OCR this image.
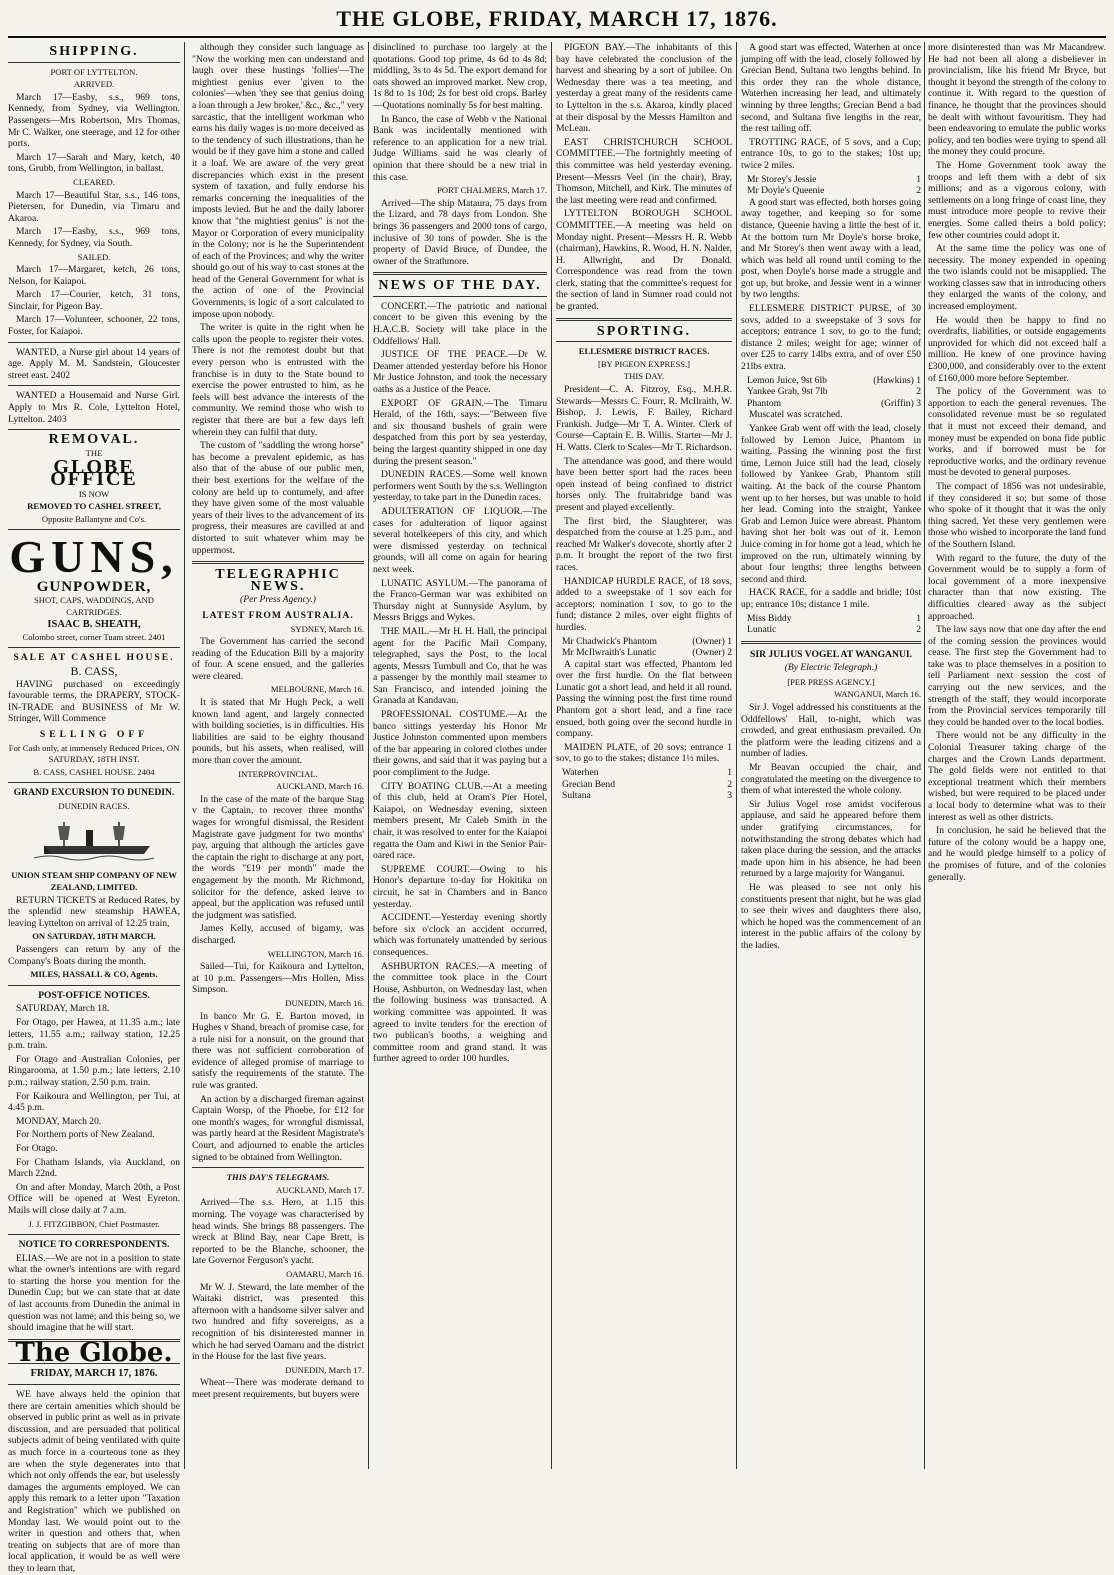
THE GLOBE, FRIDAY, MARCH 17, 1876.
SHIPPING.
PORT OF LYTTELTON.
ARRIVED.

March 17—Easby, s.s., 969 tons, Kennedy, from Sydney, via Wellington. Passengers—Mrs Robertson, Mrs Thomas, Mr C. Walker, one steerage, and 12 for other ports.

March 17—Sarah and Mary, ketch, 40 tons, Grubb, from Wellington, in ballast.

CLEARED.

March 17—Beautiful Star, s.s., 146 tons, Pietersen, for Dunedin, via Timaru and Akaroa.

March 17—Easby, s.s., 969 tons, Kennedy, for Sydney, via South.

SAILED.

March 17—Margaret, ketch, 26 tons, Nelson, for Kaiapoi.

March 17—Courier, ketch, 31 tons, Sinclair, for Pigeon Bay.

March 17—Volunteer, schooner, 22 tons, Foster, for Kaiapoi.

WANTED, a Nurse girl about 14 years of age. Apply M. M. Sandstein, Gloucester street east. 2402

WANTED a Housemaid and Nurse Girl. Apply to Mrs R. Cole, Lyttelton Hotel, Lyttelton. 2403

REMOVAL.
THE
GLOBE OFFICE
IS NOW
REMOVED TO CASHEL STREET,
Opposite Ballantyne and Co's.
GUNS,
GUNPOWDER,
SHOT, CAPS, WADDINGS, AND CARTRIDGES.
ISAAC B. SHEATH,
Colombo street, corner Tuam street. 2401
SALE AT CASHEL HOUSE.
B. CASS,

HAVING purchased on exceedingly favourable terms, the DRAPERY, STOCK-IN-TRADE and BUSINESS of Mr W. Stringer, Will Commence

SELLING OFF
For Cash only, at immensely Reduced Prices, ON SATURDAY, 18TH INST.
B. CASS, CASHEL HOUSE. 2404
GRAND EXCURSION TO DUNEDIN.
DUNEDIN RACES.
UNION STEAM SHIP COMPANY OF NEW ZEALAND, LIMITED.

RETURN TICKETS at Reduced Rates, by the splendid new steamship HAWEA, leaving Lyttelton on arrival of 12.25 train,

ON SATURDAY, 18TH MARCH.

Passengers can return by any of the Company's Boats during the month.

MILES, HASSALL & CO, Agents.
POST-OFFICE NOTICES.

SATURDAY, March 18.

For Otago, per Hawea, at 11.35 a.m.; late letters, 11.55 a.m.; railway station, 12.25 p.m. train.

For Otago and Australian Colonies, per Ringarooma, at 1.50 p.m.; late letters, 2.10 p.m.; railway station, 2.50 p.m. train.

For Kaikoura and Wellington, per Tui, at 4.45 p.m.

MONDAY, March 20.

For Northern ports of New Zealand.

For Otago.

For Chatham Islands, via Auckland, on March 22nd.

On and after Monday, March 20th, a Post Office will be opened at West Eyreton. Mails will close daily at 7 a.m.

J. J. FITZGIBBON, Chief Postmaster.
NOTICE TO CORRESPONDENTS.

ELIAS.—We are not in a position to state what the owner's intentions are with regard to starting the horse you mention for the Dunedin Cup; but we can state that at date of last accounts from Dunedin the animal in question was not lame; and this being so, we should imagine that he will start.

The Globe.
FRIDAY, MARCH 17, 1876.

WE have always held the opinion that there are certain amenities which should be observed in public print as well as in private discussion, and are persuaded that political subjects admit of being ventilated with quite as much force in a courteous tone as they are when the style degenerates into that which not only offends the ear, but uselessly damages the arguments employed. We can apply this remark to a letter upon "Taxation and Registration" which we published on Monday last. We would point out to the writer in question and others that, when treating on subjects that are of more than local application, it would be as well were they to learn that,

although they consider such language as "Now the working men can understand and laugh over these hustings 'follies'—The mightiest genius ever 'given to the colonies'—when 'they see that genius doing a loan through a Jew broker,' &c., &c.," very sarcastic, that the intelligent workman who earns his daily wages is no more deceived as to the tendency of such illustrations, than he would be if they gave him a stone and called it a loaf. We are aware of the very great discrepancies which exist in the present system of taxation, and fully endorse his remarks concerning the inequalities of the imposts levied. But he and the daily laborer know that "the mightiest genius" is not the Mayor or Corporation of every municipality in the Colony; nor is he the Superintendent of each of the Provinces; and why the writer should go out of his way to cast stones at the head of the General Government for what is the action of one of the Provincial Governments, is logic of a sort calculated to impose upon nobody.

The writer is quite in the right when he calls upon the people to register their votes. There is not the remotest doubt but that every person who is entrusted with the franchise is in duty to the State bound to exercise the power entrusted to him, as he feels will best advance the interests of the community. We remind those who wish to register that there are but a few days left wherein they can fulfil that duty.

The custom of "saddling the wrong horse" has become a prevalent epidemic, as has also that of the abuse of our public men, their best exertions for the welfare of the colony are held up to contumely, and after they have given some of the most valuable years of their lives to the advancement of its progress, their measures are cavilled at and distorted to suit whatever whim may be uppermost.

TELEGRAPHIC NEWS.
(Per Press Agency.)
LATEST FROM AUSTRALIA.
SYDNEY, March 16.

The Government has carried the second reading of the Education Bill by a majority of four. A scene ensued, and the galleries were cleared.

MELBOURNE, March 16.

It is stated that Mr Hugh Peck, a well known land agent, and largely connected with building societies, is in difficulties. His liabilities are said to be eighty thousand pounds, but his assets, when realised, will more than cover the amount.

INTERPROVINCIAL.
AUCKLAND, March 16.

In the case of the mate of the barque Stag v the Captain, to recover three months' wages for wrongful dismissal, the Resident Magistrate gave judgment for two months' pay, arguing that although the articles gave the captain the right to discharge at any port, the words "£19 per month" made the engagement by the month. Mr Richmond, solicitor for the defence, asked leave to appeal, but the application was refused until the judgment was satisfied.

James Kelly, accused of bigamy, was discharged.

WELLINGTON, March 16.

Sailed—Tui, for Kaikoura and Lyttelton, at 10 p.m. Passengers—Mrs Hollen, Miss Simpson.

DUNEDIN, March 16.

In banco Mr G. E. Barton moved, in Hughes v Shand, breach of promise case, for a rule nisi for a nonsuit, on the ground that there was not sufficient corroboration of evidence of alleged promise of marriage to satisfy the requirements of the statute. The rule was granted.

An action by a discharged fireman against Captain Worsp, of the Phoebe, for £12 for one month's wages, for wrongful dismissal, was partly heard at the Resident Magistrate's Court, and adjourned to enable the articles signed to be obtained from Wellington.

THIS DAY'S TELEGRAMS.
AUCKLAND, March 17.

Arrived—The s.s. Hero, at 1.15 this morning. The voyage was characterised by head winds. She brings 88 passengers. The wreck at Blind Bay, near Cape Brett, is reported to be the Blanche, schooner, the late Governor Ferguson's yacht.

OAMARU, March 16.

Mr W. J. Steward, the late member of the Waitaki district, was presented this afternoon with a handsome silver salver and two hundred and fifty sovereigns, as a recognition of his disinterested manner in which he had served Oamaru and the district in the House for the last five years.

DUNEDIN, March 17.

Wheat—There was moderate demand to meet present requirements, but buyers were

disinclined to purchase too largely at the quotations. Good top prime, 4s 6d to 4s 8d; middling, 3s to 4s 5d. The export demand for oats showed an improved market. New crop, 1s 8d to 1s 10d; 2s for best old crops. Barley—Quotations nominally 5s for best malting.

In Banco, the case of Webb v the National Bank was incidentally mentioned with reference to an application for a new trial. Judge Williams said he was clearly of opinion that there should be a new trial in this case.

PORT CHALMERS, March 17.

Arrived—The ship Mataura, 75 days from the Lizard, and 78 days from London. She brings 36 passengers and 2000 tons of cargo, inclusive of 30 tons of powder. She is the property of David Bruce, of Dundee, the owner of the Strathmore.

NEWS OF THE DAY.

CONCERT.—The patriotic and national concert to be given this evening by the H.A.C.B. Society will take place in the Oddfellows' Hall.

JUSTICE OF THE PEACE.—Dr W. Deamer attended yesterday before his Honor Mr Justice Johnston, and took the necessary oaths as a Justice of the Peace.

EXPORT OF GRAIN.—The Timaru Herald, of the 16th, says:—"Between five and six thousand bushels of grain were despatched from this port by sea yesterday, being the largest quantity shipped in one day during the present season."

DUNEDIN RACES.—Some well known performers went South by the s.s. Wellington yesterday, to take part in the Dunedin races.

ADULTERATION OF LIQUOR.—The cases for adulteration of liquor against several hotelkeepers of this city, and which were dismissed yesterday on technical grounds, will all come on again for hearing next week.

LUNATIC ASYLUM.—The panorama of the Franco-German war was exhibited on Thursday night at Sunnyside Asylum, by Messrs Briggs and Wykes.

THE MAIL.—Mr H. H. Hall, the principal agent for the Pacific Mail Company, telegraphed, says the Post, to the local agents, Messrs Turnbull and Co, that he was a passenger by the monthly mail steamer to San Francisco, and intended joining the Granada at Kandavau.

PROFESSIONAL COSTUME.—At the banco sittings yesterday his Honor Mr Justice Johnston commented upon members of the bar appearing in colored clothes under their gowns, and said that it was paying but a poor compliment to the Judge.

CITY BOATING CLUB.—At a meeting of this club, held at Oram's Pier Hotel, Kaiapoi, on Wednesday evening, sixteen members present, Mr Caleb Smith in the chair, it was resolved to enter for the Kaiapoi regatta the Oam and Kiwi in the Senior Pair-oared race.

SUPREME COURT.—Owing to his Honor's departure to-day for Hokitika on circuit, he sat in Chambers and in Banco yesterday.

ACCIDENT.—Yesterday evening shortly before six o'clock an accident occurred, which was fortunately unattended by serious consequences.

ASHBURTON RACES.—A meeting of the committee took place in the Court House, Ashburton, on Wednesday last, when the following business was transacted. A working committee was appointed. It was agreed to invite tenders for the erection of two publican's booths, a weighing and committee room and grand stand. It was further agreed to order 100 hurdles.

PIGEON BAY.—The inhabitants of this bay have celebrated the conclusion of the harvest and shearing by a sort of jubilee. On Wednesday there was a tea meeting, and yesterday a great many of the residents came to Lyttelton in the s.s. Akaroa, kindly placed at their disposal by the Messrs Hamilton and McLean.

EAST CHRISTCHURCH SCHOOL COMMITTEE.—The fortnightly meeting of this committee was held yesterday evening. Present—Messrs Veel (in the chair), Bray, Thomson, Mitchell, and Kirk. The minutes of the last meeting were read and confirmed.

LYTTELTON BOROUGH SCHOOL COMMITTEE.—A meeting was held on Monday night. Present—Messrs H. R. Webb (chairman), Hawkins, R. Wood, H. N. Nalder, H. Allwright, and Dr Donald. Correspondence was read from the town clerk, stating that the committee's request for the section of land in Sumner road could not be granted.

SPORTING.
ELLESMERE DISTRICT RACES.
[BY PIGEON EXPRESS.]
THIS DAY.

President—C. A. Fitzroy, Esq., M.H.R. Stewards—Messrs C. Fourr, R. McIlraith, W. Bishop, J. Lewis, F. Bailey, Richard Frankish. Judge—Mr T. A. Winter. Clerk of Course—Captain E. B. Willis. Starter—Mr J. H. Watts. Clerk to Scales—Mr T. Richardson.

The attendance was good, and there would have been better sport had the races been open instead of being confined to district horses only. The fruitabridge band was present and played excellently.

The first bird, the Slaughterer, was despatched from the course at 1.25 p.m., and reached Mr Walker's dovecote, shortly after 2 p.m. It brought the report of the two first races.

HANDICAP HURDLE RACE, of 18 sovs, added to a sweepstake of 1 sov each for acceptors; nomination 1 sov, to go to the fund; distance 2 miles, over eight flights of hurdles.

Mr Chadwick's Phantom	(Owner) 1
Mr McIlwraith's Lunatic	(Owner) 2

A capital start was effected, Phantom led over the first hurdle. On the flat between Lunatic got a short lead, and held it all round. Passing the winning post the first time round Phantom got a short lead, and a fine race ensued, both going over the second hurdle in company.

MAIDEN PLATE, of 20 sovs; entrance 1 sov, to go to the stakes; distance 1½ miles.

Waterhen	1
Grecian Bend	2
Sultana	3

A good start was effected, Waterhen at once jumping off with the lead, closely followed by Grecian Bend, Sultana two lengths behind. In this order they ran the whole distance, Waterhen increasing her lead, and ultimately winning by three lengths; Grecian Bend a bad second, and Sultana five lengths in the rear, the rest tailing off.

TROTTING RACE, of 5 sovs, and a Cup; entrance 10s, to go to the stakes; 10st up; twice 2 miles.

Mr Storey's Jessie	1
Mr Doyle's Queenie	2

A good start was effected, both horses going away together, and keeping so for some distance, Queenie having a little the best of it. At the bottom turn Mr Doyle's horse broke, and Mr Storey's then went away with a lead, which was held all round until coming to the post, when Doyle's horse made a struggle and got up, but broke, and Jessie went in a winner by two lengths.

ELLESMERE DISTRICT PURSE, of 30 sovs, added to a sweepstake of 3 sovs for acceptors; entrance 1 sov, to go to the fund; distance 2 miles; weight for age; winner of over £25 to carry 14lbs extra, and of over £50 21lbs extra.

Lemon Juice, 9st 6lb	(Hawkins) 1
Yankee Grab, 9st 7lb	2
Phantom	(Griffin) 3

Muscatel was scratched.

Yankee Grab went off with the lead, closely followed by Lemon Juice, Phantom in waiting. Passing the winning post the first time, Lemon Juice still had the lead, closely followed by Yankee Grab, Phantom still waiting. At the back of the course Phantom went up to her horses, but was unable to hold her lead. Coming into the straight, Yankee Grab and Lemon Juice were abreast. Phantom having shot her bolt was out of it. Lemon Juice coming in for home got a lead, which he improved on the run, ultimately winning by about four lengths; three lengths between second and third.

HACK RACE, for a saddle and bridle; 10st up; entrance 10s; distance 1 mile.

Miss Biddy	1
Lunatic	2
SIR JULIUS VOGEL AT WANGANUI.
(By Electric Telegraph.)
[PER PRESS AGENCY.]
WANGANUI, March 16.

Sir J. Vogel addressed his constituents at the Oddfellows' Hall, to-night, which was crowded, and great enthusiasm prevailed. On the platform were the leading citizens and a number of ladies.

Mr Beavan occupied the chair, and congratulated the meeting on the divergence to them of what interested the whole colony.

Sir Julius Vogel rose amidst vociferous applause, and said he appeared before them under gratifying circumstances, for notwithstanding the strong debates which had taken place during the session, and the attacks made upon him in his absence, he had been returned by a large majority for Wanganui.

He was pleased to see not only his constituents present that night, but he was glad to see their wives and daughters there also, which he hoped was the commencement of an interest in the public affairs of the colony by the ladies.

more disinterested than was Mr Macandrew. He had not been all along a disbeliever in provincialism, like his friend Mr Bryce, but thought it beyond the strength of the colony to continue it. With regard to the question of finance, he thought that the provinces should be dealt with without favouritism. They had been endeavoring to emulate the public works policy, and ten bodies were trying to spend all the money they could procure.

The Home Government took away the troops and left them with a debt of six millions; and as a vigorous colony, with settlements on a long fringe of coast line, they must introduce more people to revive their energies. Some called theirs a bold policy; few other countries could adopt it.

At the same time the policy was one of necessity. The money expended in opening the two islands could not be misapplied. The working classes saw that in introducing others they enlarged the wants of the colony, and increased employment.

He would then be happy to find no overdrafts, liabilities, or outside engagements unprovided for which did not exceed half a million. He knew of one province having £300,000, and considerably over to the extent of £160,000 more before September.

The policy of the Government was to apportion to each the general revenues. The consolidated revenue must be so regulated that it must not exceed their demand, and money must be expended on bona fide public works, and if borrowed must be for reproductive works, and the ordinary revenue must be devoted to general purposes.

The compact of 1856 was not undesirable, if they considered it so; but some of those who spoke of it thought that it was the only thing sacred. Yet these very gentlemen were those who wished to incorporate the land fund of the Southern Island.

With regard to the future, the duty of the Government would be to supply a form of local government of a more inexpensive character than that now existing. The difficulties cleared away as the subject approached.

The law says now that one day after the end of the coming session the provinces would cease. The first step the Government had to take was to place themselves in a position to tell Parliament next session the cost of carrying out the new services, and the strength of the staff, they would incorporate from the Provincial services temporarily till they could be handed over to the local bodies.

There would not be any difficulty in the Colonial Treasurer taking charge of the charges and the Crown Lands department. The gold fields were not entitled to that exceptional treatment which their members wished, but were required to be placed under a local body to determine what was to their interest as well as other districts.

In conclusion, he said he believed that the future of the colony would be a happy one, and he would pledge himself to a policy of the promises of future, and of the colonies generally.
